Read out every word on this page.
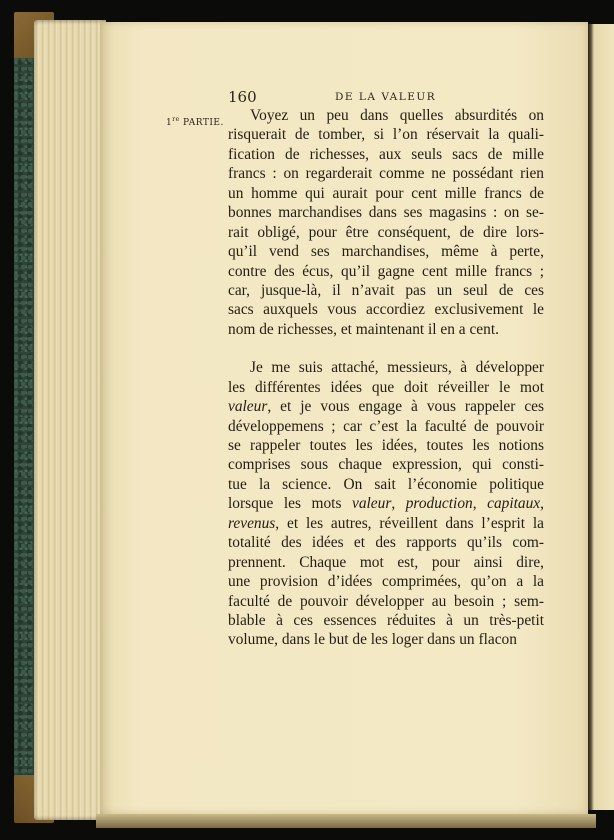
160	DE LA VALEUR
1re PARTIE.	Voyez un peu dans quelles absurdités on
risquerait de tomber, si l’on réservait la quali-
fication de richesses, aux seuls sacs de mille
francs : on regarderait comme ne possédant rien
un homme qui aurait pour cent mille francs de
bonnes marchandises dans ses magasins : on se-
rait obligé, pour être conséquent, de dire lors-
qu’il vend ses marchandises, même à perte,
contre des écus, qu’il gagne cent mille francs ;
car, jusque-là, il n’avait pas un seul de ces
sacs auxquels vous accordiez exclusivement le
nom de richesses, et maintenant il en a cent.
Je me suis attaché, messieurs, à développer
les différentes idées que doit réveiller le mot
valeur, et je vous engage à vous rappeler ces
développemens ; car c’est la faculté de pouvoir
se rappeler toutes les idées, toutes les notions
comprises sous chaque expression, qui consti-
tue la science. On sait l’économie politique
lorsque les mots valeur, production, capitaux,
revenus, et les autres, réveillent dans l’esprit la
totalité des idées et des rapports qu’ils com-
prennent. Chaque mot est, pour ainsi dire,
une provision d’idées comprimées, qu’on a la
faculté de pouvoir développer au besoin ; sem-
blable à ces essences réduites à un très-petit
volume, dans le but de les loger dans un flacon
